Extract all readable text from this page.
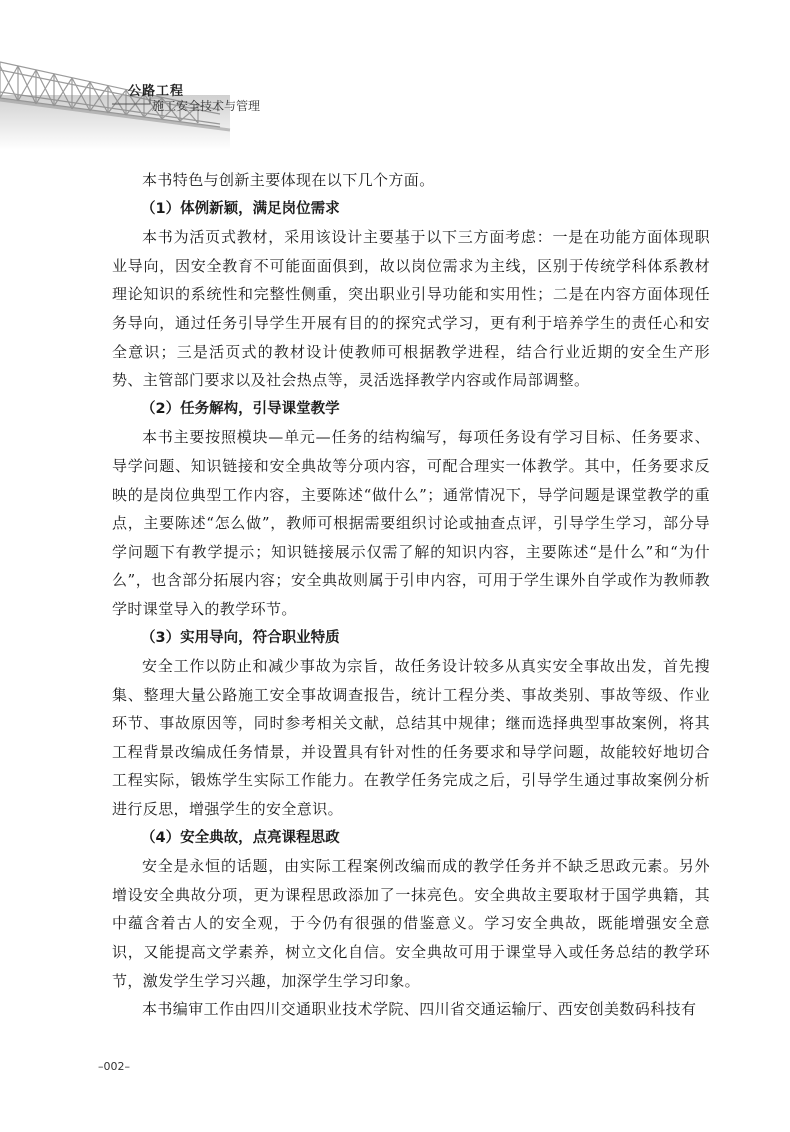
公路工程
施工安全技术与管理

本书特色与创新主要体现在以下几个方面。

（1）体例新颖，满足岗位需求

本书为活页式教材，采用该设计主要基于以下三方面考虑：一是在功能方面体现职业导向，因安全教育不可能面面俱到，故以岗位需求为主线，区别于传统学科体系教材理论知识的系统性和完整性侧重，突出职业引导功能和实用性；二是在内容方面体现任务导向，通过任务引导学生开展有目的的探究式学习，更有利于培养学生的责任心和安全意识；三是活页式的教材设计使教师可根据教学进程，结合行业近期的安全生产形势、主管部门要求以及社会热点等，灵活选择教学内容或作局部调整。

（2）任务解构，引导课堂教学

本书主要按照模块—单元—任务的结构编写，每项任务设有学习目标、任务要求、导学问题、知识链接和安全典故等分项内容，可配合理实一体教学。其中，任务要求反映的是岗位典型工作内容，主要陈述“做什么”；通常情况下，导学问题是课堂教学的重点，主要陈述“怎么做”，教师可根据需要组织讨论或抽查点评，引导学生学习，部分导学问题下有教学提示；知识链接展示仅需了解的知识内容，主要陈述“是什么”和“为什么”，也含部分拓展内容；安全典故则属于引申内容，可用于学生课外自学或作为教师教学时课堂导入的教学环节。

（3）实用导向，符合职业特质

安全工作以防止和减少事故为宗旨，故任务设计较多从真实安全事故出发，首先搜集、整理大量公路施工安全事故调查报告，统计工程分类、事故类别、事故等级、作业环节、事故原因等，同时参考相关文献，总结其中规律；继而选择典型事故案例，将其工程背景改编成任务情景，并设置具有针对性的任务要求和导学问题，故能较好地切合工程实际，锻炼学生实际工作能力。在教学任务完成之后，引导学生通过事故案例分析进行反思，增强学生的安全意识。

（4）安全典故，点亮课程思政

安全是永恒的话题，由实际工程案例改编而成的教学任务并不缺乏思政元素。另外增设安全典故分项，更为课程思政添加了一抹亮色。安全典故主要取材于国学典籍，其中蕴含着古人的安全观，于今仍有很强的借鉴意义。学习安全典故，既能增强安全意识，又能提高文学素养，树立文化自信。安全典故可用于课堂导入或任务总结的教学环节，激发学生学习兴趣，加深学生学习印象。

本书编审工作由四川交通职业技术学院、四川省交通运输厅、西安创美数码科技有

–002–
